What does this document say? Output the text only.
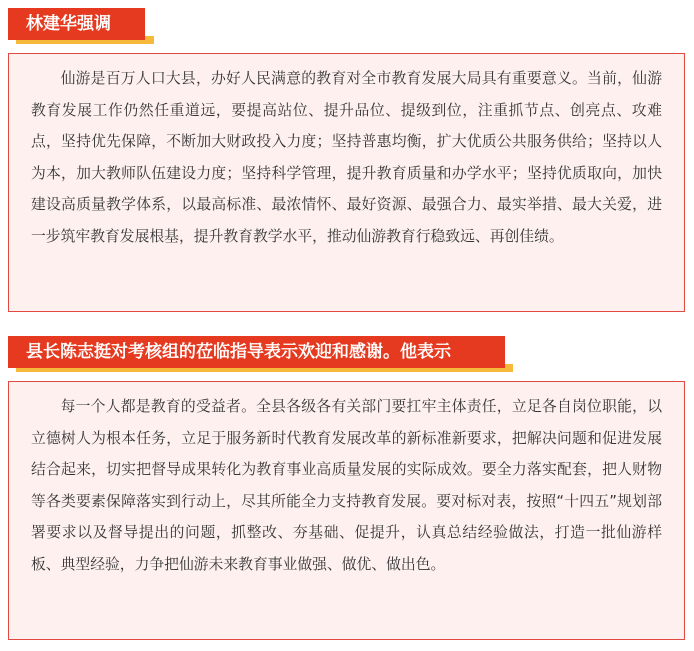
林建华强调

仙游是百万人口大县，办好人民满意的教育对全市教育发展大局具有重要意义。当前，仙游教育发展工作仍然任重道远，要提高站位、提升品位、提级到位，注重抓节点、创亮点、攻难点，坚持优先保障，不断加大财政投入力度；坚持普惠均衡，扩大优质公共服务供给；坚持以人为本，加大教师队伍建设力度；坚持科学管理，提升教育质量和办学水平；坚持优质取向，加快建设高质量教学体系，以最高标准、最浓情怀、最好资源、最强合力、最实举措、最大关爱，进一步筑牢教育发展根基，提升教育教学水平，推动仙游教育行稳致远、再创佳绩。

县长陈志挺对考核组的莅临指导表示欢迎和感谢。他表示

每一个人都是教育的受益者。全县各级各有关部门要扛牢主体责任，立足各自岗位职能，以立德树人为根本任务，立足于服务新时代教育发展改革的新标准新要求，把解决问题和促进发展结合起来，切实把督导成果转化为教育事业高质量发展的实际成效。要全力落实配套，把人财物等各类要素保障落实到行动上，尽其所能全力支持教育发展。要对标对表，按照“十四五”规划部署要求以及督导提出的问题，抓整改、夯基础、促提升，认真总结经验做法，打造一批仙游样板、典型经验，力争把仙游未来教育事业做强、做优、做出色。
